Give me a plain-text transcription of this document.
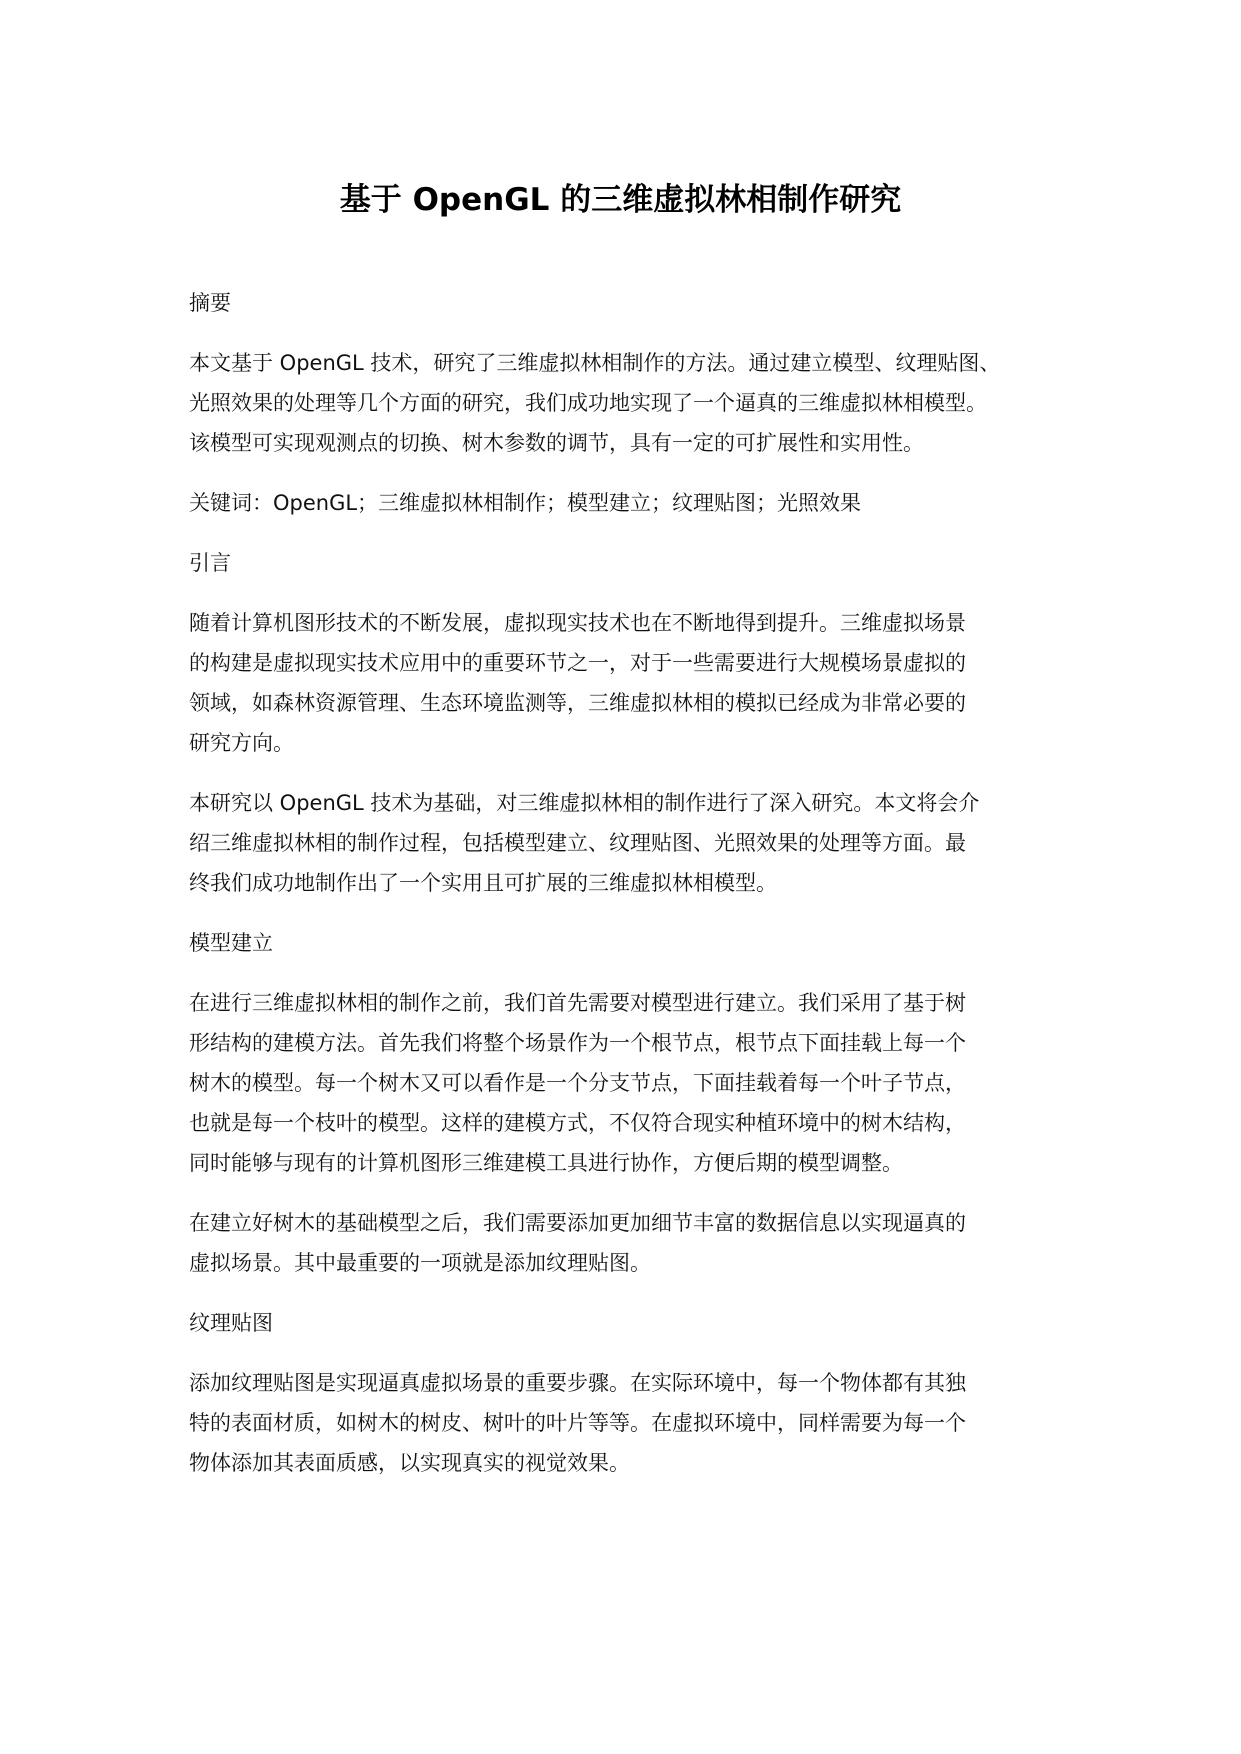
基于 OpenGL 的三维虚拟林相制作研究
摘要
本文基于 OpenGL 技术，研究了三维虚拟林相制作的方法。通过建立模型、纹理贴图、
光照效果的处理等几个方面的研究，我们成功地实现了一个逼真的三维虚拟林相模型。
该模型可实现观测点的切换、树木参数的调节，具有一定的可扩展性和实用性。
关键词：OpenGL；三维虚拟林相制作；模型建立；纹理贴图；光照效果
引言
随着计算机图形技术的不断发展，虚拟现实技术也在不断地得到提升。三维虚拟场景
的构建是虚拟现实技术应用中的重要环节之一，对于一些需要进行大规模场景虚拟的
领域，如森林资源管理、生态环境监测等，三维虚拟林相的模拟已经成为非常必要的
研究方向。
本研究以 OpenGL 技术为基础，对三维虚拟林相的制作进行了深入研究。本文将会介
绍三维虚拟林相的制作过程，包括模型建立、纹理贴图、光照效果的处理等方面。最
终我们成功地制作出了一个实用且可扩展的三维虚拟林相模型。
模型建立
在进行三维虚拟林相的制作之前，我们首先需要对模型进行建立。我们采用了基于树
形结构的建模方法。首先我们将整个场景作为一个根节点，根节点下面挂载上每一个
树木的模型。每一个树木又可以看作是一个分支节点，下面挂载着每一个叶子节点，
也就是每一个枝叶的模型。这样的建模方式，不仅符合现实种植环境中的树木结构，
同时能够与现有的计算机图形三维建模工具进行协作，方便后期的模型调整。
在建立好树木的基础模型之后，我们需要添加更加细节丰富的数据信息以实现逼真的
虚拟场景。其中最重要的一项就是添加纹理贴图。
纹理贴图
添加纹理贴图是实现逼真虚拟场景的重要步骤。在实际环境中，每一个物体都有其独
特的表面材质，如树木的树皮、树叶的叶片等等。在虚拟环境中，同样需要为每一个
物体添加其表面质感，以实现真实的视觉效果。
